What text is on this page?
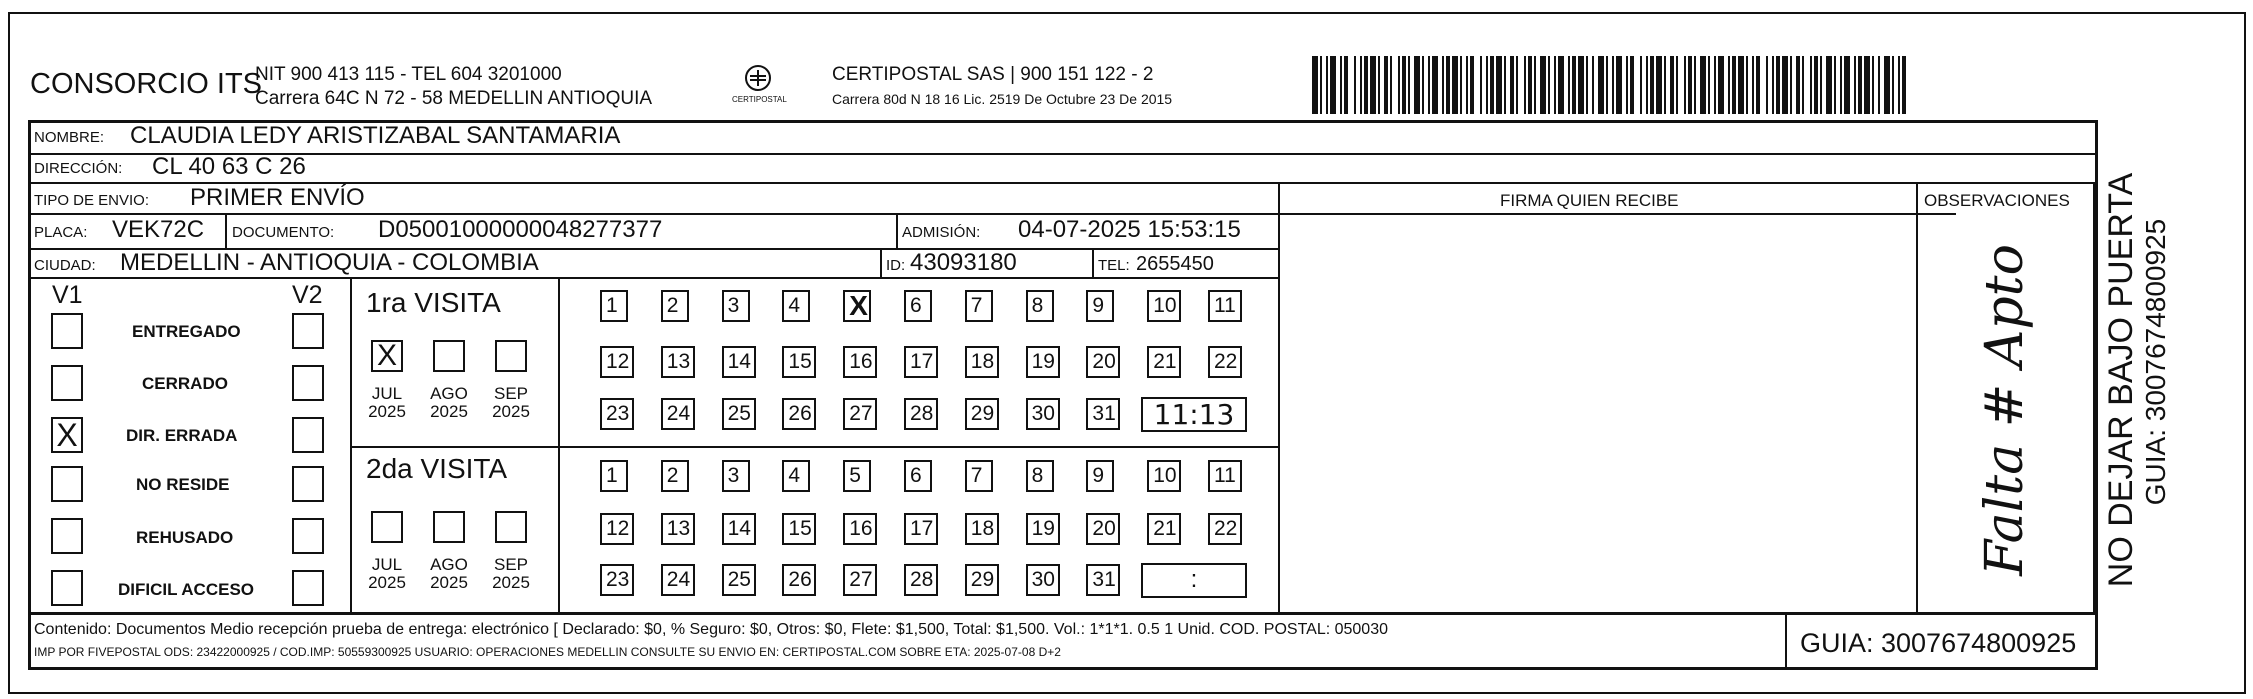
CONSORCIO ITS
NIT 900 413 115 - TEL 604 3201000
Carrera 64C N 72 - 58 MEDELLIN ANTIOQUIA	CERTIPOSTAL
CERTIPOSTAL SAS | 900 151 122 - 2
Carrera 80d N 18 16 Lic. 2519 De Octubre 23 De 2015
NOMBRE: CLAUDIA LEDY ARISTIZABAL SANTAMARIA
DIRECCIÓN: CL 40 63 C 26
TIPO DE ENVIO: PRIMER ENVÍO	FIRMA QUIEN RECIBE	OBSERVACIONES
PLACA: VEK72C DOCUMENTO: D05001000000048277377	ADMISIÓN: 04-07-2025 15:53:15
CIUDAD: MEDELLIN - ANTIOQUIA - COLOMBIA	ID: 43093180	TEL: 2655450
V1	V2
ENTREGADO
CERRADO
X	DIR. ERRADA
NO RESIDE
REHUSADO
DIFICIL ACCESO
1ra VISITA
X
JUL
2025
AGO
2025
SEP
2025
1	2	3	4	X 6	7	8	9	10 11
12 13 14 15 16 17 18 19 20 21 22
23 24 25 26 27 28 29 30 31	11:13
2da VISITA
JUL
2025
AGO
2025
SEP
2025
1	2	3	4	5	6	7	8	9	10 11
12 13 14 15 16 17 18 19 20 21 22
23 24 25 26 27 28 29 30 31	:
Falta # Apto NO DEJAR BAJO PUERTA GUIA: 3007674800925
Contenido: Documentos Medio recepción prueba de entrega: electrónico [ Declarado: $0, % Seguro: $0, Otros: $0, Flete: $1,500, Total: $1,500. Vol.: 1*1*1. 0.5 1 Unid. COD. POSTAL: 050030
IMP POR FIVEPOSTAL ODS: 23422000925 / COD.IMP: 50559300925 USUARIO: OPERACIONES MEDELLIN CONSULTE SU ENVIO EN: CERTIPOSTAL.COM SOBRE ETA: 2025-07-08 D+2	GUIA: 3007674800925
